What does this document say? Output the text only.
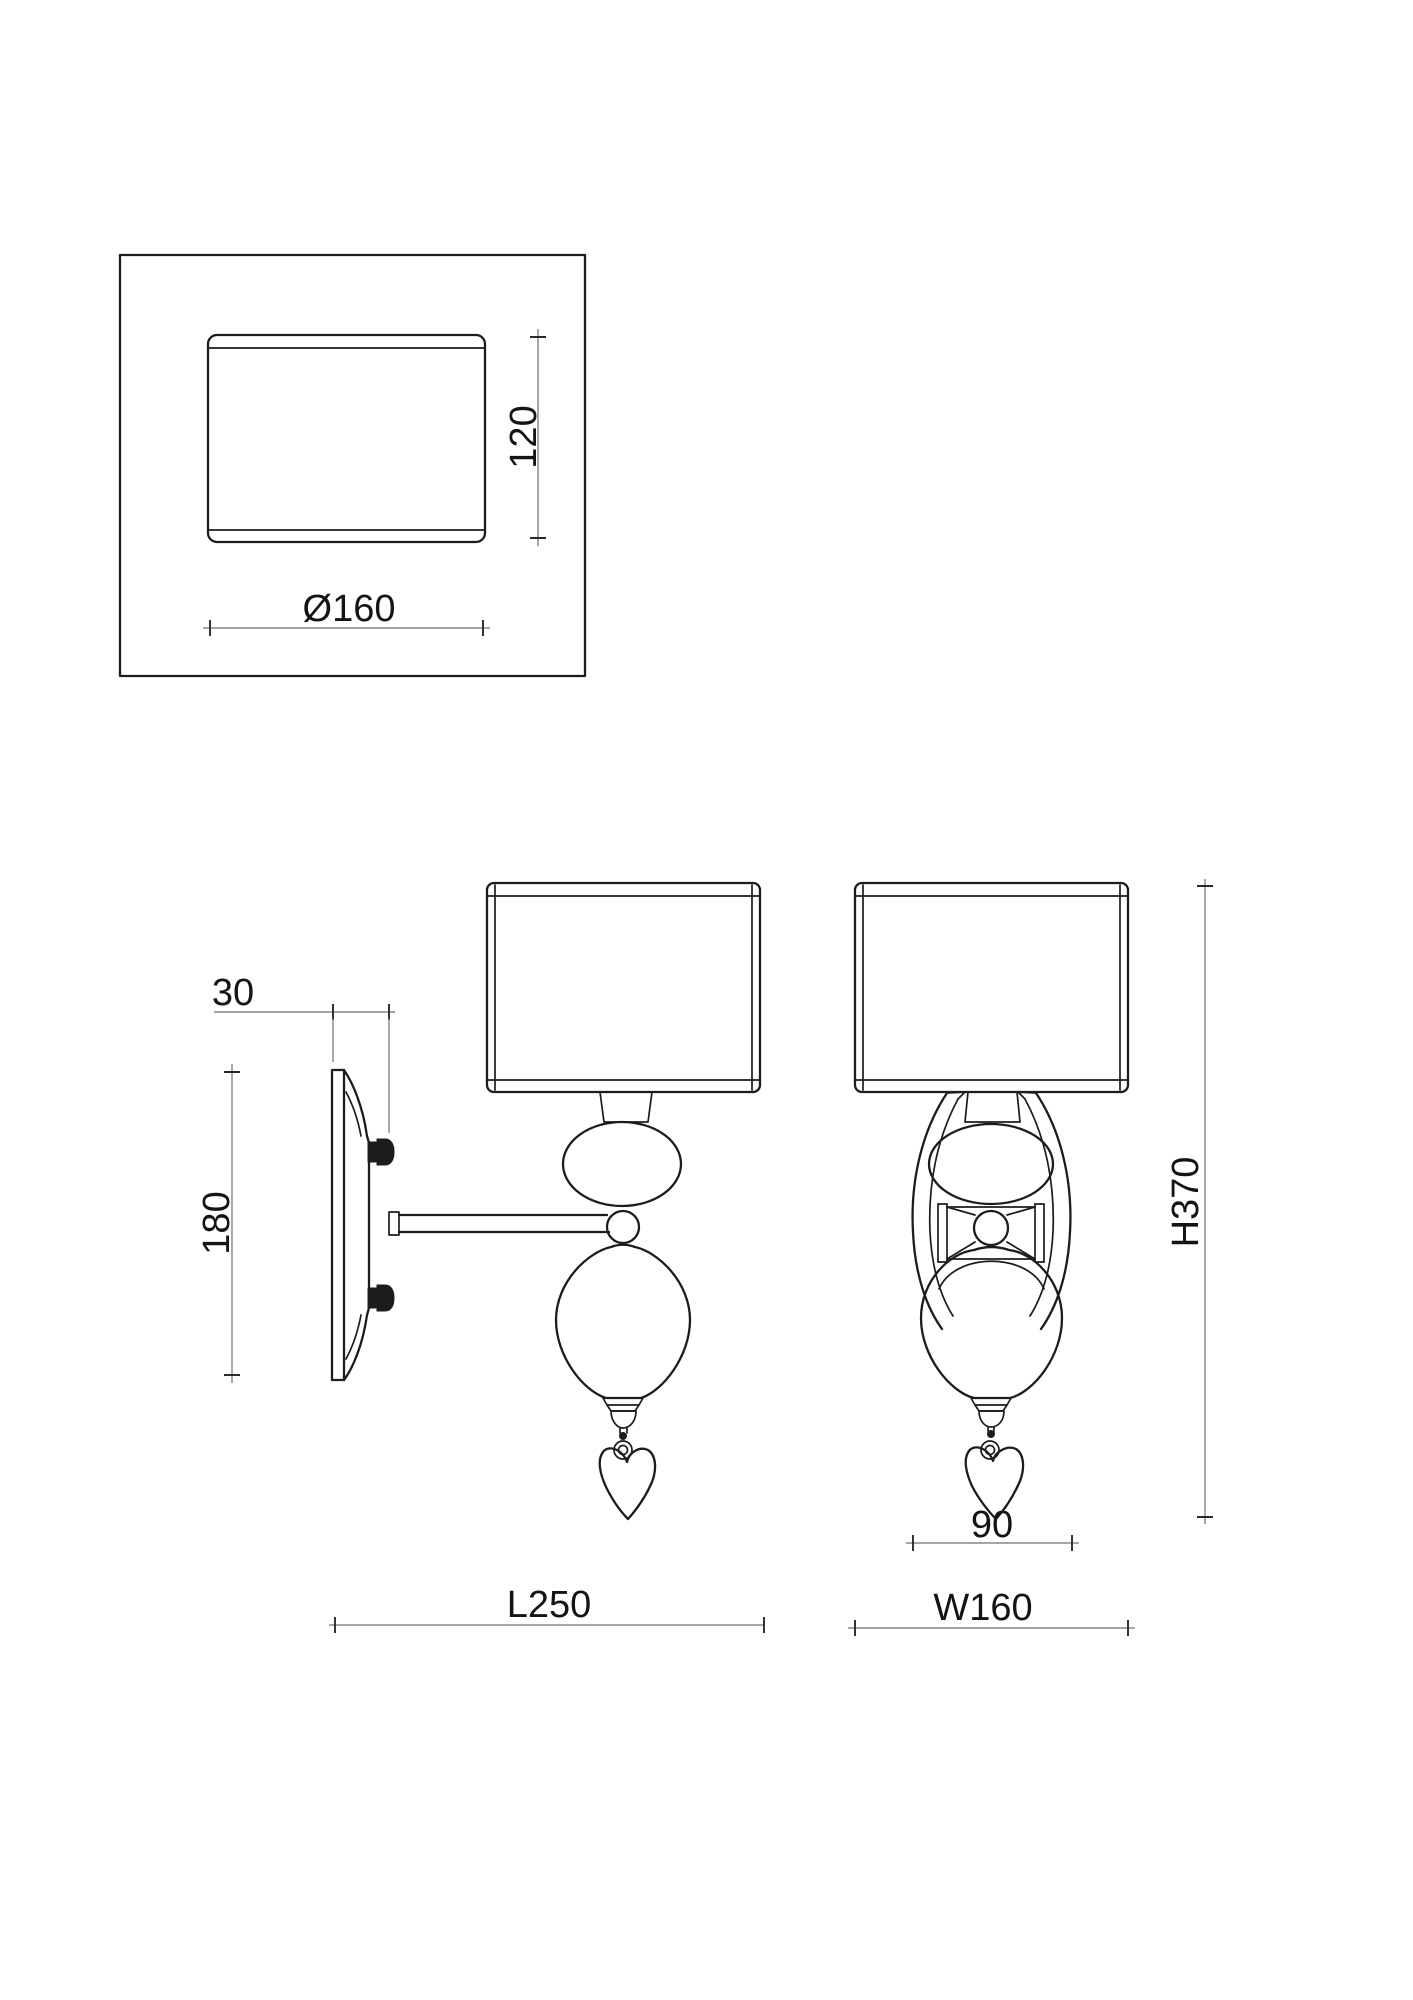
120
Ø160
30
180
L250
90
W160
H370
